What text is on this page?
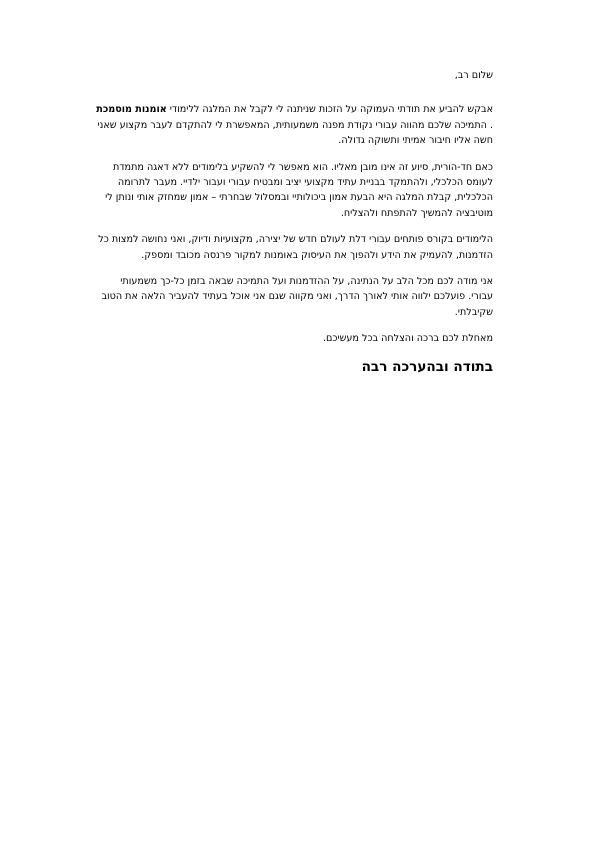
שלום רב,

אבקש להביע את תודתי העמוקה על הזכות שניתנה לי לקבל את המלגה ללימודי אומנות מוסמכת . התמיכה שלכם מהווה עבורי נקודת מפנה משמעותית, המאפשרת לי להתקדם לעבר מקצוע שאני חשה אליו חיבור אמיתי ותשוקה גדולה.

כאם חד-הורית, סיוע זה אינו מובן מאליו. הוא מאפשר לי להשקיע בלימודים ללא דאגה מתמדת לעומס הכלכלי, ולהתמקד בבניית עתיד מקצועי יציב ומבטיח עבורי ועבור ילדיי. מעבר לתרומה הכלכלית, קבלת המלגה היא הבעת אמון ביכולותיי ובמסלול שבחרתי – אמון שמחזק אותי ונותן לי מוטיבציה להמשיך להתפתח ולהצליח.

הלימודים בקורס פותחים עבורי דלת לעולם חדש של יצירה, מקצועיות ודיוק, ואני נחושה למצות כל הזדמנות, להעמיק את הידע ולהפוך את העיסוק באומנות למקור פרנסה מכובד ומספק.

אני מודה לכם מכל הלב על הנתינה, על ההזדמנות ועל התמיכה שבאה בזמן כל-כך משמעותי עבורי. פועלכם ילווה אותי לאורך הדרך, ואני מקווה שגם אני אוכל בעתיד להעביר הלאה את הטוב שקיבלתי.

מאחלת לכם ברכה והצלחה בכל מעשיכם.

בתודה ובהערכה רבה
